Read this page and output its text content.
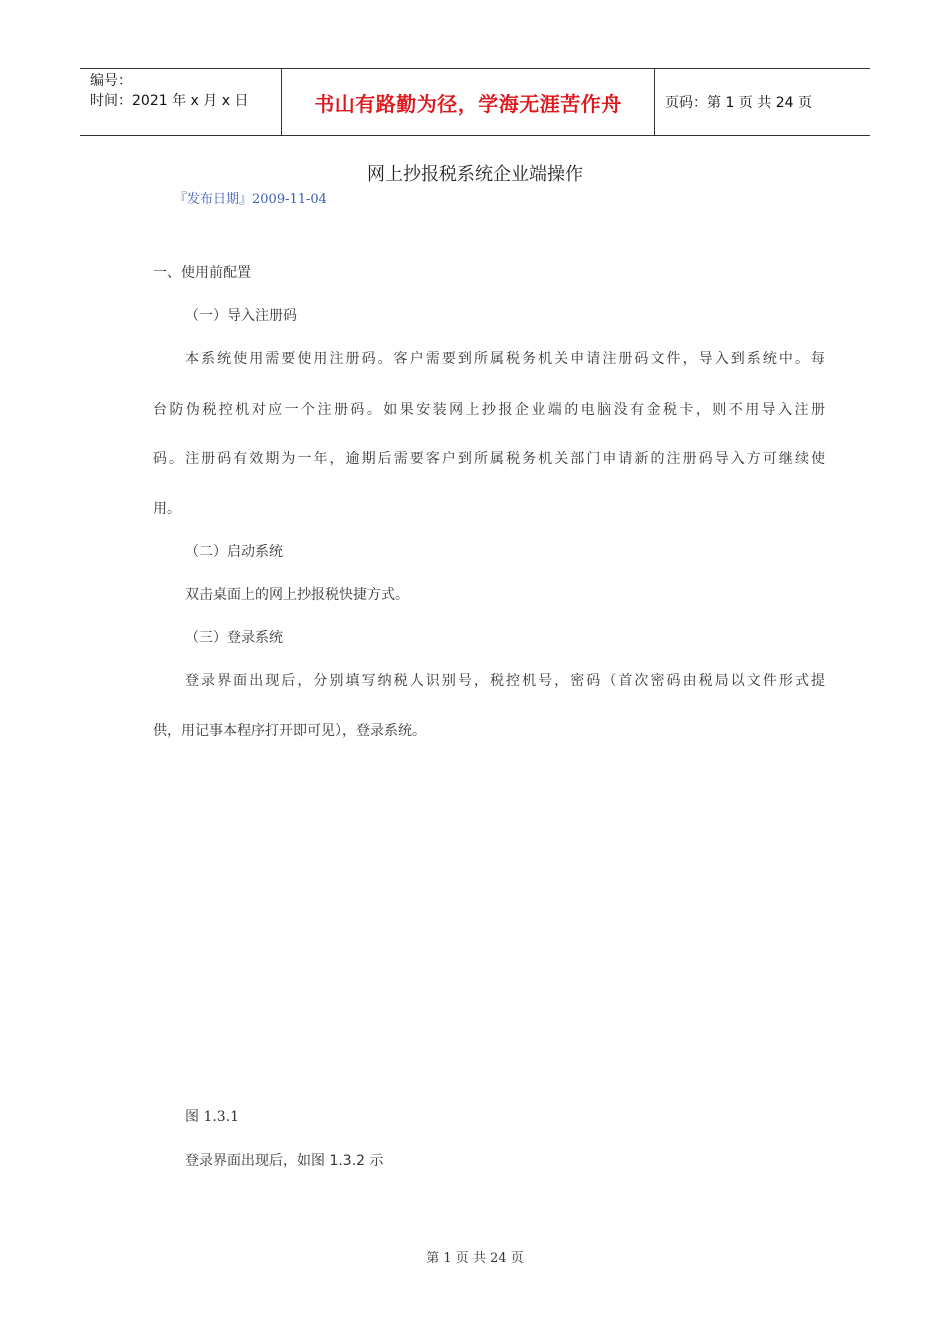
编号：
时间：2021 年 x 月 x 日	书山有路勤为径，学海无涯苦作舟	页码：第 1 页 共 24 页
网上抄报税系统企业端操作
『发布日期』2009-11-04
一、使用前配置
（一）导入注册码
本系统使用需要使用注册码。客户需要到所属税务机关申请注册码文件，导入到系统中。每
台防伪税控机对应一个注册码。如果安装网上抄报企业端的电脑没有金税卡，则不用导入注册
码。注册码有效期为一年，逾期后需要客户到所属税务机关部门申请新的注册码导入方可继续使
用。
（二）启动系统
双击桌面上的网上抄报税快捷方式。
（三）登录系统
登录界面出现后，分别填写纳税人识别号，税控机号，密码（首次密码由税局以文件形式提
供，用记事本程序打开即可见），登录系统。
图 1.3.1
登录界面出现后，如图 1.3.2 示
第 1 页 共 24 页
